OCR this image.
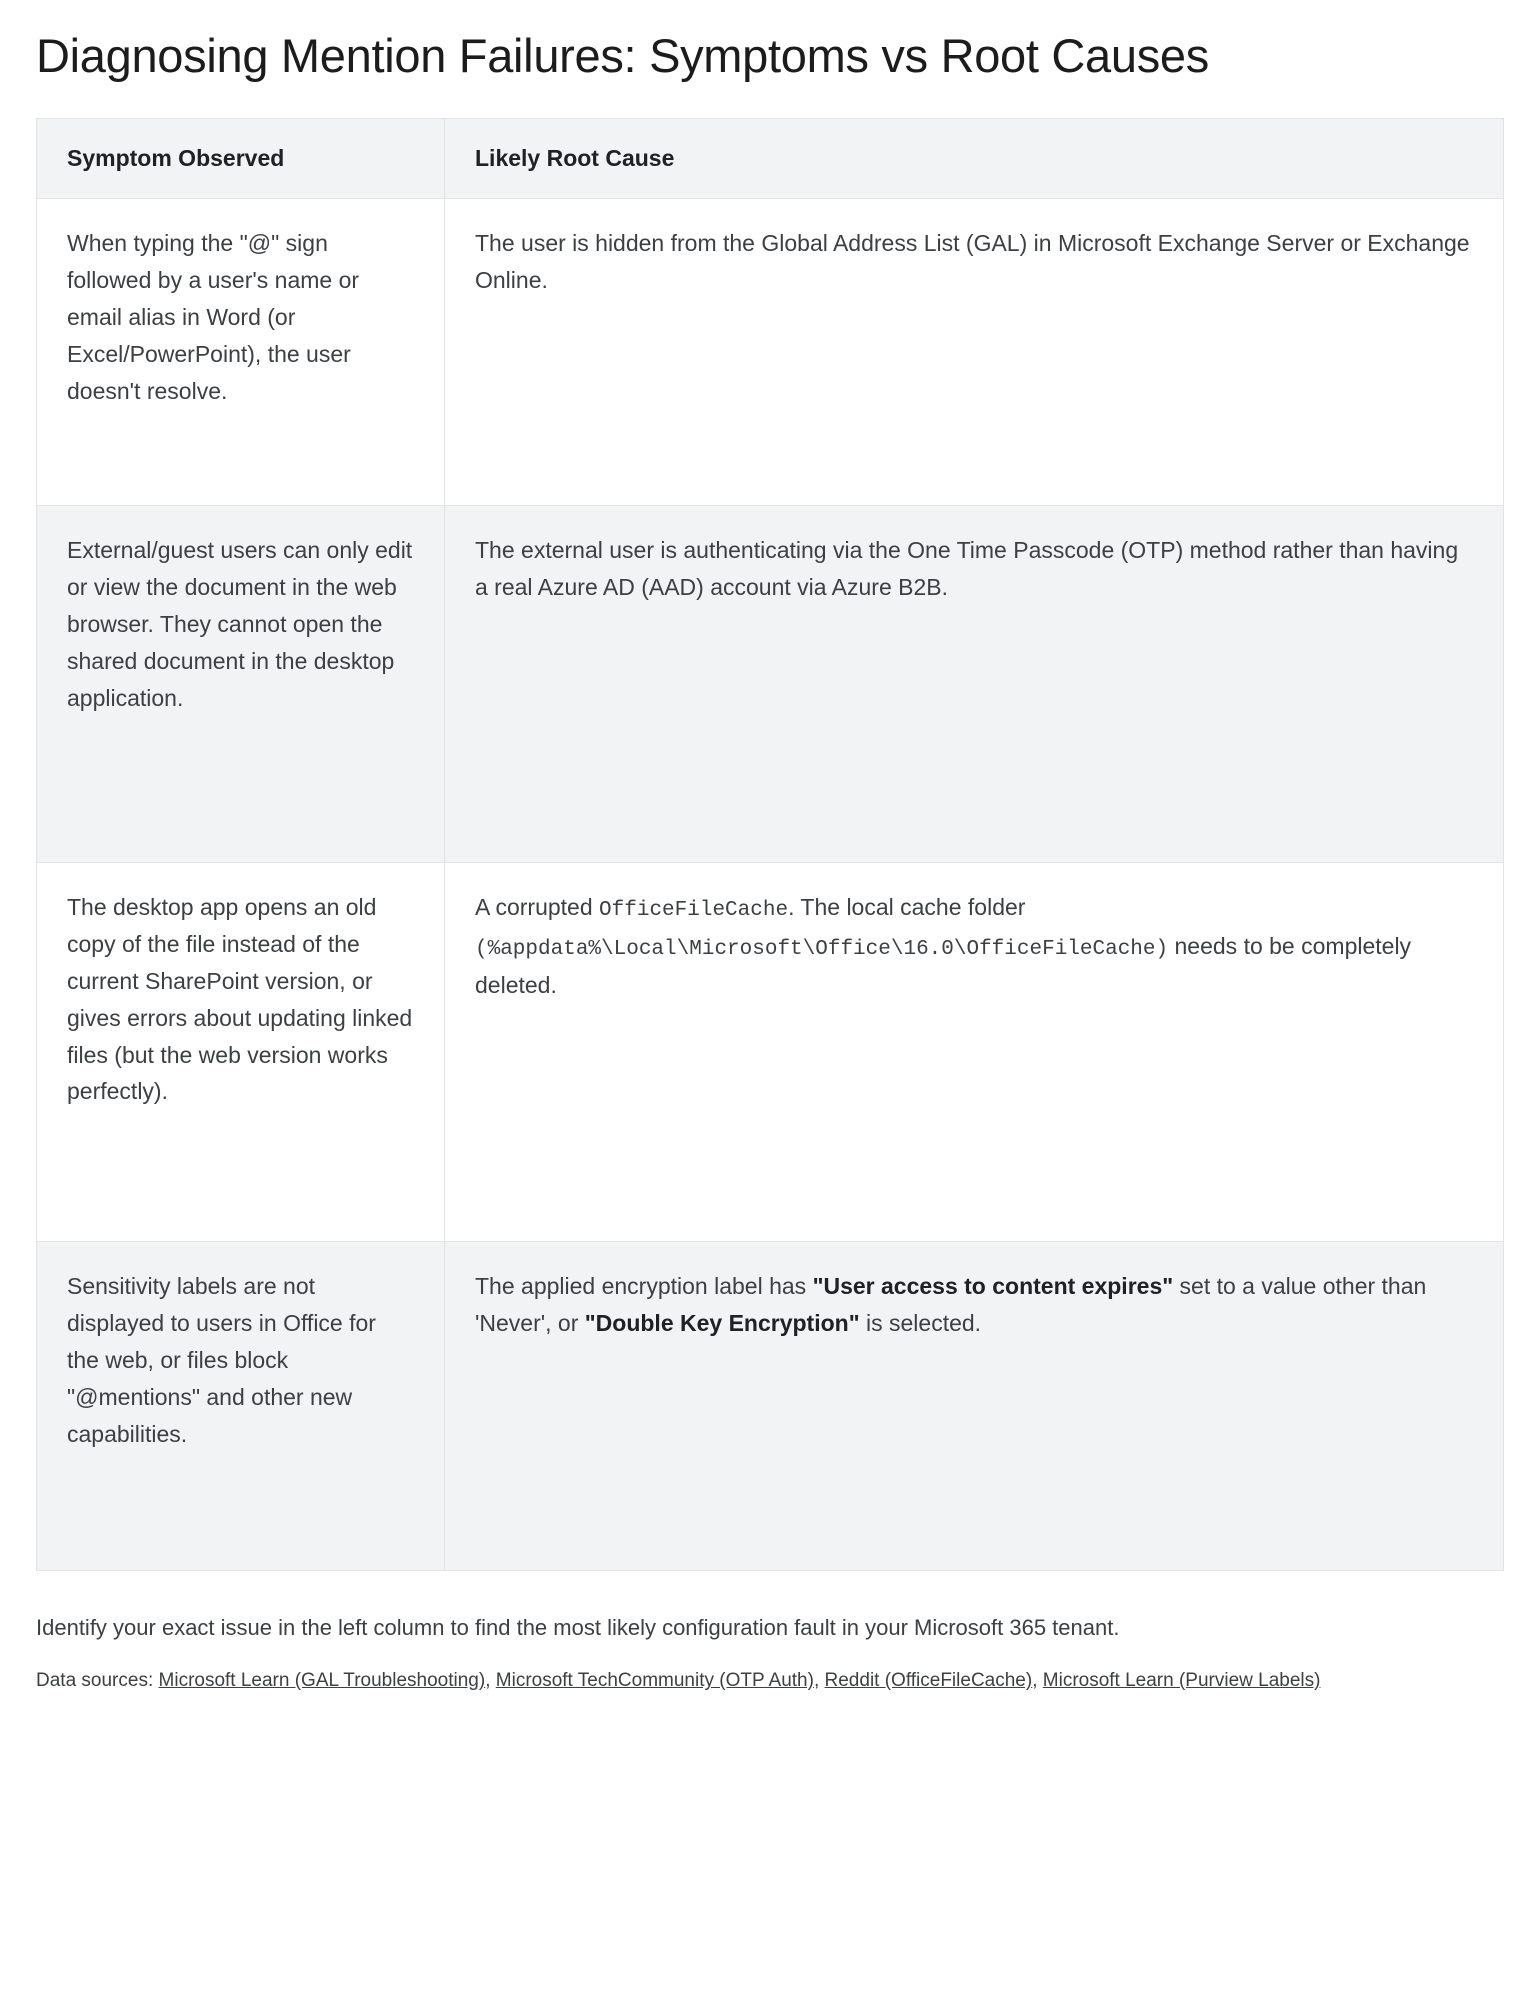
Diagnosing Mention Failures: Symptoms vs Root Causes
Symptom Observed	Likely Root Cause
When typing the "@" sign followed by a user's name or email alias in Word (or Excel/PowerPoint), the user doesn't resolve.	The user is hidden from the Global Address List (GAL) in Microsoft Exchange Server or Exchange Online.
External/guest users can only edit or view the document in the web browser. They cannot open the shared document in the desktop application.	The external user is authenticating via the One Time Passcode (OTP) method rather than having a real Azure AD (AAD) account via Azure B2B.
The desktop app opens an old copy of the file instead of the current SharePoint version, or gives errors about updating linked files (but the web version works perfectly).	A corrupted OfficeFileCache. The local cache folder (%appdata%\Local\Microsoft\Office\16.0\OfficeFileCache) needs to be completely deleted.
Sensitivity labels are not displayed to users in Office for the web, or files block "@mentions" and other new capabilities.	The applied encryption label has "User access to content expires" set to a value other than 'Never', or "Double Key Encryption" is selected.

Identify your exact issue in the left column to find the most likely configuration fault in your Microsoft 365 tenant.

Data sources: Microsoft Learn (GAL Troubleshooting), Microsoft TechCommunity (OTP Auth), Reddit (OfficeFileCache), Microsoft Learn (Purview Labels)
